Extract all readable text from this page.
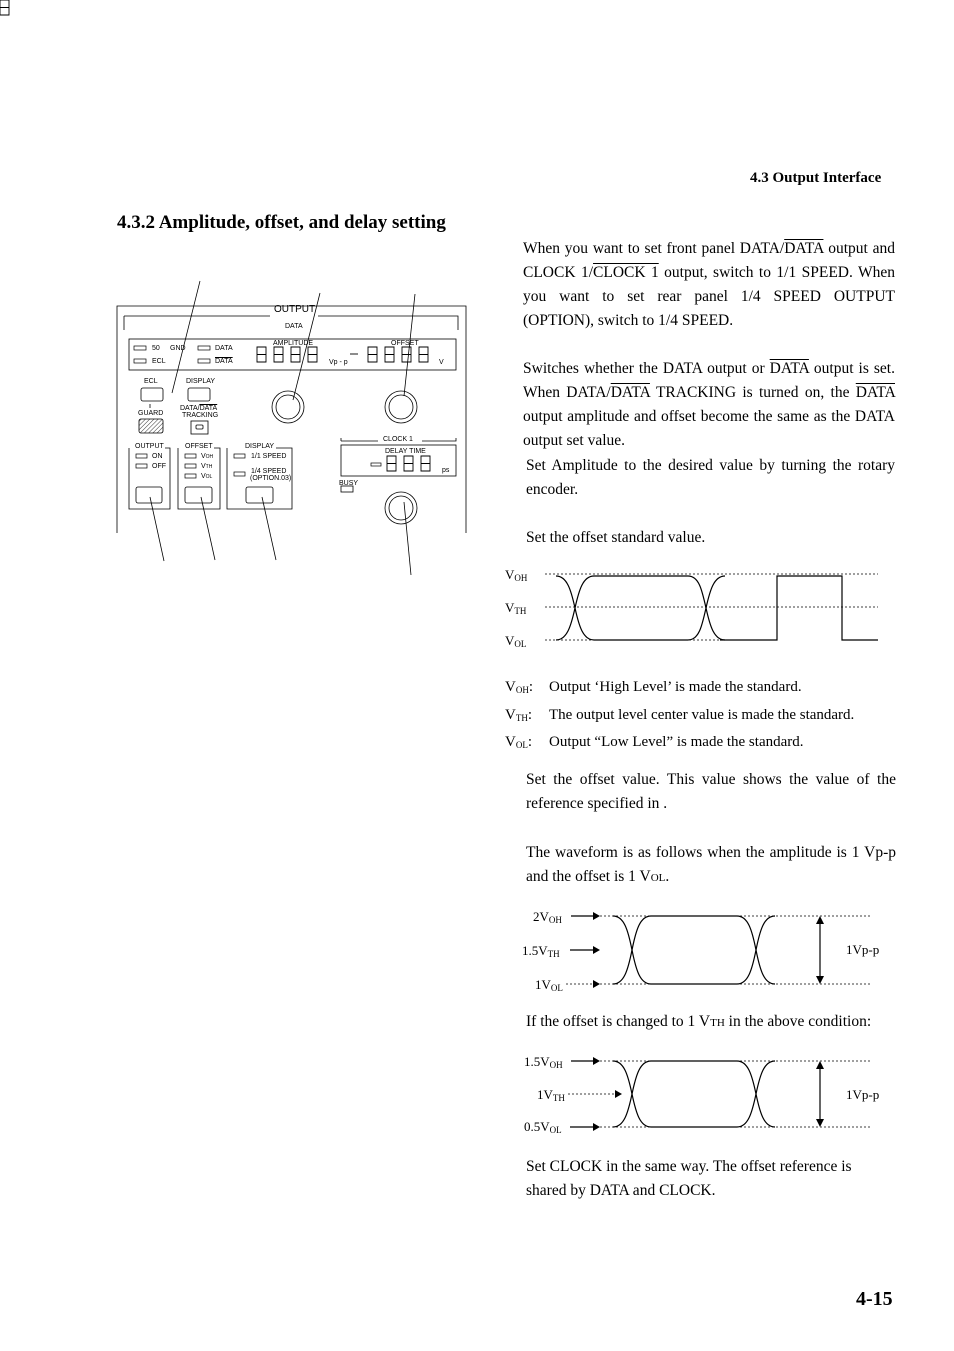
4.3 Output Interface
4.3.2 Amplitude, offset, and delay setting

When you want to set front panel DATA/DATA output and CLOCK 1/CLOCK 1 output, switch to 1/1 SPEED. When you want to set rear panel 1/4 SPEED OUTPUT (OPTION), switch to 1/4 SPEED.

Switches whether the DATA output or DATA output is set. When DATA/DATA TRACKING is turned on, the DATA output amplitude and offset become the same as the DATA output set value.

Set Amplitude to the desired value by turning the rotary encoder.
Set the offset standard value.
$V_{OH}$
$V_{TH}$
$V_{OL}$
$V_{OH}$: Output ‘High Level’ is made the standard.
$V_{TH}$: The output level center value is made the standard.
$V_{OL}$: Output “Low Level” is made the standard.
Set the offset value. This value shows the value of the reference specified in .
The waveform is as follows when the amplitude is 1 Vp-p and the offset is 1 VOL.
$2V_{OH}$
$1.5V_{TH}$
$1V_{OL}$
1Vp-p
If the offset is changed to 1 VTH in the above condition:
$1.5V_{OH}$
$1V_{TH}$
$0.5V_{OL}$
1Vp-p
Set CLOCK in the same way. The offset reference is shared by DATA and CLOCK.
4-15
OUTPUT
DATA
50 GND
ECL
DATA
DATA
AMPLITUDE	OFFSET
Vp - p	V
ECL	DISPLAY
GUARD
DATA/DATA
TRACKING
OUTPUT
ON
OFF
OFFSET
VOH
VTH
VOL
DISPLAY
1/1 SPEED
1/4 SPEED
(OPTION.03)
CLOCK 1
DELAY TIME
ps
BUSY
